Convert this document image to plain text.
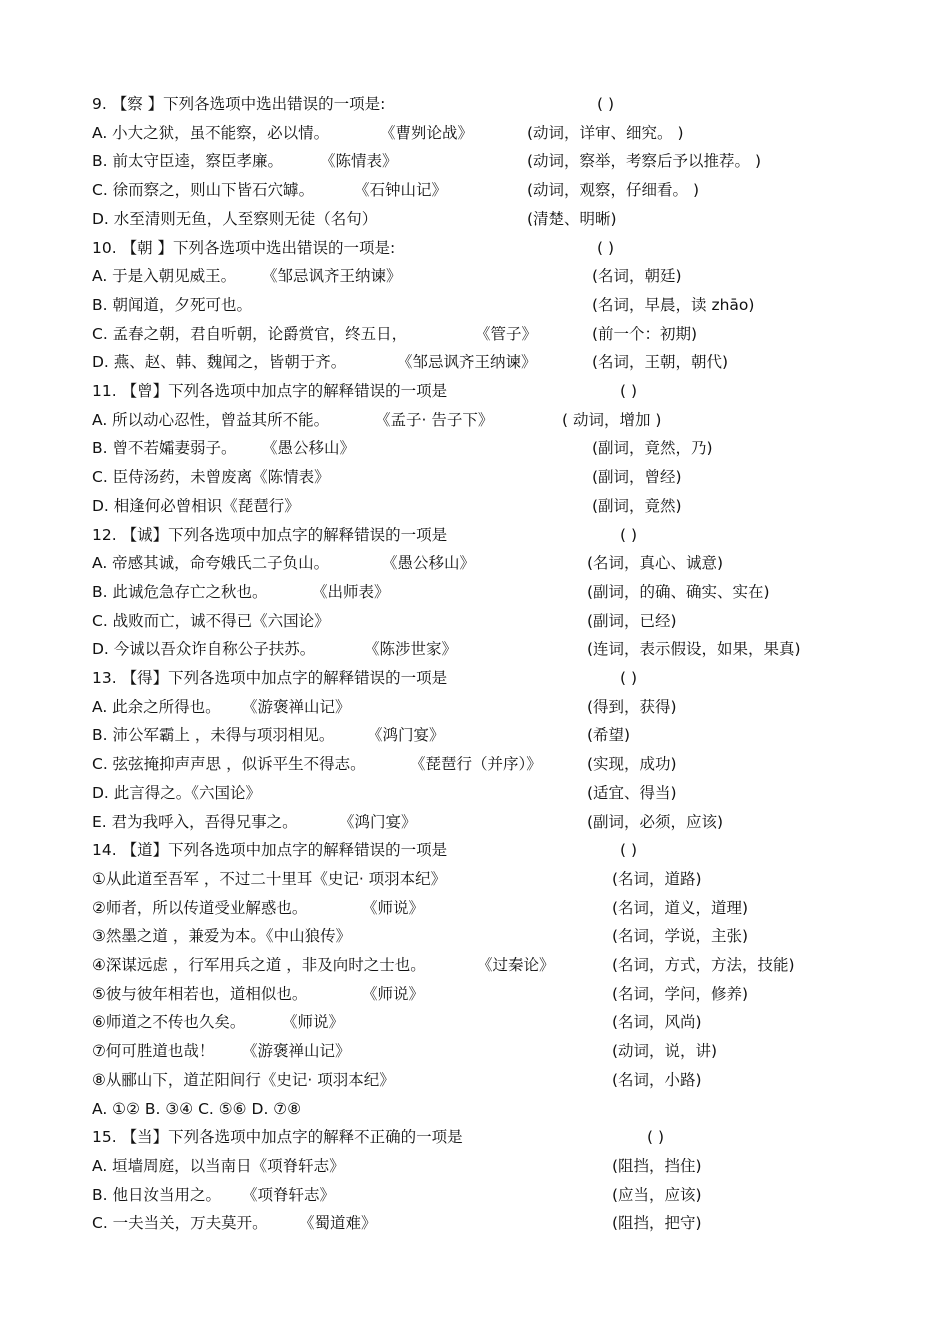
9. 【察 】下列各选项中选出错误的一项是:	( )
A. 小大之狱，虽不能察，必以情。	《曹刿论战》	(动词，详审、细究。 )
B. 前太守臣逵，察臣孝廉。 《陈情表》	(动词，察举，考察后予以推荐。 )
C. 徐而察之，则山下皆石穴罅。	《石钟山记》	(动词，观察，仔细看。 )
D. 水至清则无鱼，人至察则无徒（名句）	(清楚、明晰)
10. 【朝 】下列各选项中选出错误的一项是:	( )
A. 于是入朝见威王。 《邹忌讽齐王纳谏》	(名词，朝廷)
B. 朝闻道，夕死可也。	(名词，早晨，读 zhāo)
C. 孟春之朝，君自听朝，论爵赏官，终五日，	《管子》	(前一个：初期)
D. 燕、赵、韩、魏闻之，皆朝于齐。	《邹忌讽齐王纳谏》	(名词，王朝，朝代)
11. 【曾】下列各选项中加点字的解释错误的一项是	( )
A. 所以动心忍性，曾益其所不能。	《孟子· 告子下》	( 动词，增加 )
B. 曾不若孀妻弱子。 《愚公移山》	(副词，竟然，乃)
C. 臣侍汤药，未曾废离《陈情表》	(副词，曾经)
D. 相逢何必曾相识《琵琶行》	(副词，竟然)
12. 【诚】下列各选项中加点字的解释错误的一项是	( )
A. 帝感其诚，命夸娥氏二子负山。	《愚公移山》	(名词，真心、诚意)
B. 此诚危急存亡之秋也。	《出师表》	(副词，的确、确实、实在)
C. 战败而亡，诚不得已《六国论》	(副词，已经)
D. 今诚以吾众诈自称公子扶苏。	《陈涉世家》	(连词，表示假设，如果，果真)
13. 【得】下列各选项中加点字的解释错误的一项是	( )
A. 此余之所得也。 《游褒禅山记》	(得到，获得)
B. 沛公军霸上 ，未得与项羽相见。 《鸿门宴》	(希望)
C. 弦弦掩抑声声思 ，似诉平生不得志。	《琵琶行（并序）》	(实现，成功)
D. 此言得之。《六国论》	(适宜、得当)
E. 君为我呼入，吾得兄事之。	《鸿门宴》	(副词，必须，应该)
14. 【道】下列各选项中加点字的解释错误的一项是	( )
①从此道至吾军 ，不过二十里耳《史记· 项羽本纪》	(名词，道路)
②师者，所以传道受业解惑也。	《师说》	(名词，道义，道理)
③然墨之道 ，兼爱为本。《中山狼传》	(名词，学说，主张)
④深谋远虑 ，行军用兵之道 ，非及向时之士也。	《过秦论》	(名词，方式，方法，技能)
⑤彼与彼年相若也，道相似也。	《师说》	(名词，学问，修养)
⑥师道之不传也久矣。 《师说》	(名词，风尚)
⑦何可胜道也哉！ 《游褒禅山记》	(动词，说，讲)
⑧从郦山下，道芷阳间行《史记· 项羽本纪》	(名词，小路)
A. ①② B. ③④ C. ⑤⑥ D. ⑦⑧
15. 【当】下列各选项中加点字的解释不正确的一项是	( )
A. 垣墙周庭，以当南日《项脊轩志》	(阻挡，挡住)
B. 他日汝当用之。 《项脊轩志》	(应当，应该)
C. 一夫当关，万夫莫开。 《蜀道难》	(阻挡，把守)
